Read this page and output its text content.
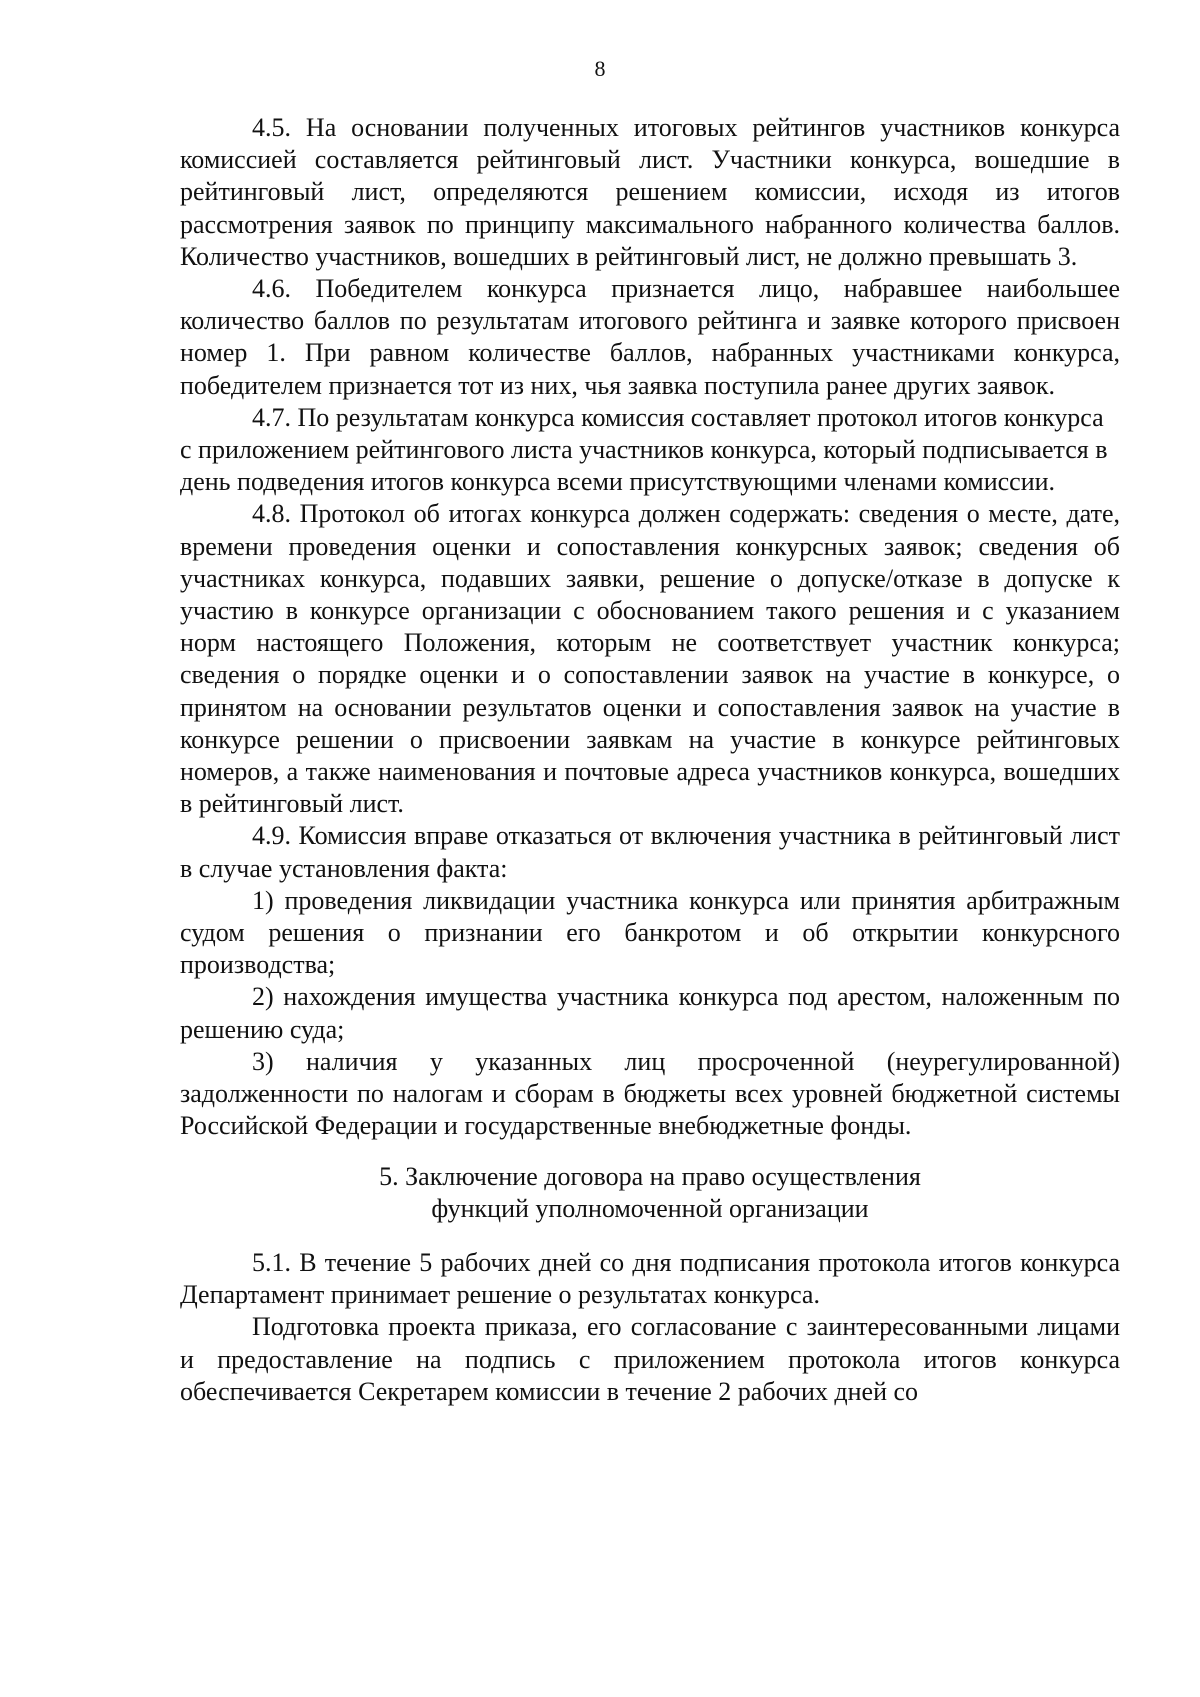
8

4.5. На основании полученных итоговых рейтингов участников конкурса комиссией составляется рейтинговый лист. Участники конкурса, вошедшие в рейтинговый лист, определяются решением комиссии, исходя из итогов рассмотрения заявок по принципу максимального набранного количества баллов. Количество участников, вошедших в рейтинговый лист, не должно превышать 3.

4.6. Победителем конкурса признается лицо, набравшее наибольшее количество баллов по результатам итогового рейтинга и заявке которого присвоен номер 1. При равном количестве баллов, набранных участниками конкурса, победителем признается тот из них, чья заявка поступила ранее других заявок.

4.7. По результатам конкурса комиссия составляет протокол итогов конкурса с приложением рейтингового листа участников конкурса, который подписывается в день подведения итогов конкурса всеми присутствующими членами комиссии.

4.8. Протокол об итогах конкурса должен содержать: сведения о месте, дате, времени проведения оценки и сопоставления конкурсных заявок; сведения об участниках конкурса, подавших заявки, решение о допуске/отказе в допуске к участию в конкурсе организации с обоснованием такого решения и с указанием норм настоящего Положения, которым не соответствует участник конкурса; сведения о порядке оценки и о сопоставлении заявок на участие в конкурсе, о принятом на основании результатов оценки и сопоставления заявок на участие в конкурсе решении о присвоении заявкам на участие в конкурсе рейтинговых номеров, а также наименования и почтовые адреса участников конкурса, вошедших в рейтинговый лист.

4.9. Комиссия вправе отказаться от включения участника в рейтинговый лист в случае установления факта:

1) проведения ликвидации участника конкурса или принятия арбитражным судом решения о признании его банкротом и об открытии конкурсного производства;

2) нахождения имущества участника конкурса под арестом, наложенным по решению суда;

3) наличия у указанных лиц просроченной (неурегулированной) задолженности по налогам и сборам в бюджеты всех уровней бюджетной системы Российской Федерации и государственные внебюджетные фонды.

5. Заключение договора на право осуществления
функций уполномоченной организации

5.1. В течение 5 рабочих дней со дня подписания протокола итогов конкурса Департамент принимает решение о результатах конкурса.

Подготовка проекта приказа, его согласование с заинтересованными лицами и предоставление на подпись с приложением протокола итогов конкурса обеспечивается Секретарем комиссии в течение 2 рабочих дней со
